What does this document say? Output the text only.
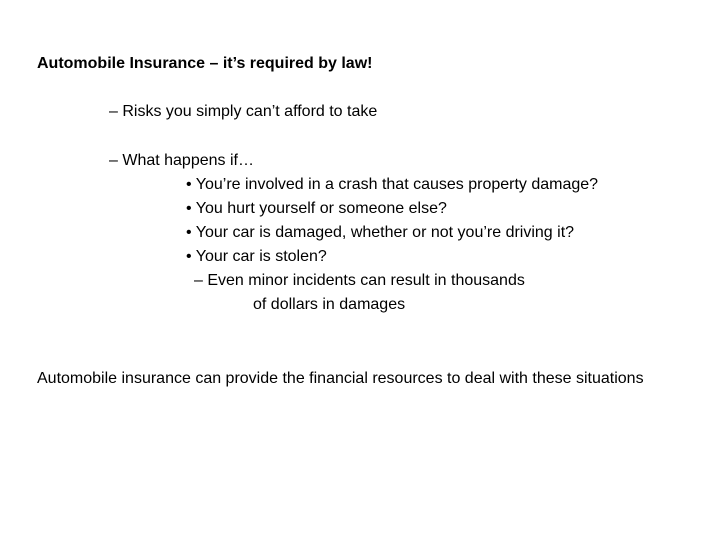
Automobile Insurance – it’s required by law!
– Risks you simply can’t afford to take
– What happens if…
• You’re involved in a crash that causes property damage?
• You hurt yourself or someone else?
• Your car is damaged, whether or not you’re driving it?
• Your car is stolen?
– Even minor incidents can result in thousands
of dollars in damages
Automobile insurance can provide the financial resources to deal with these situations
